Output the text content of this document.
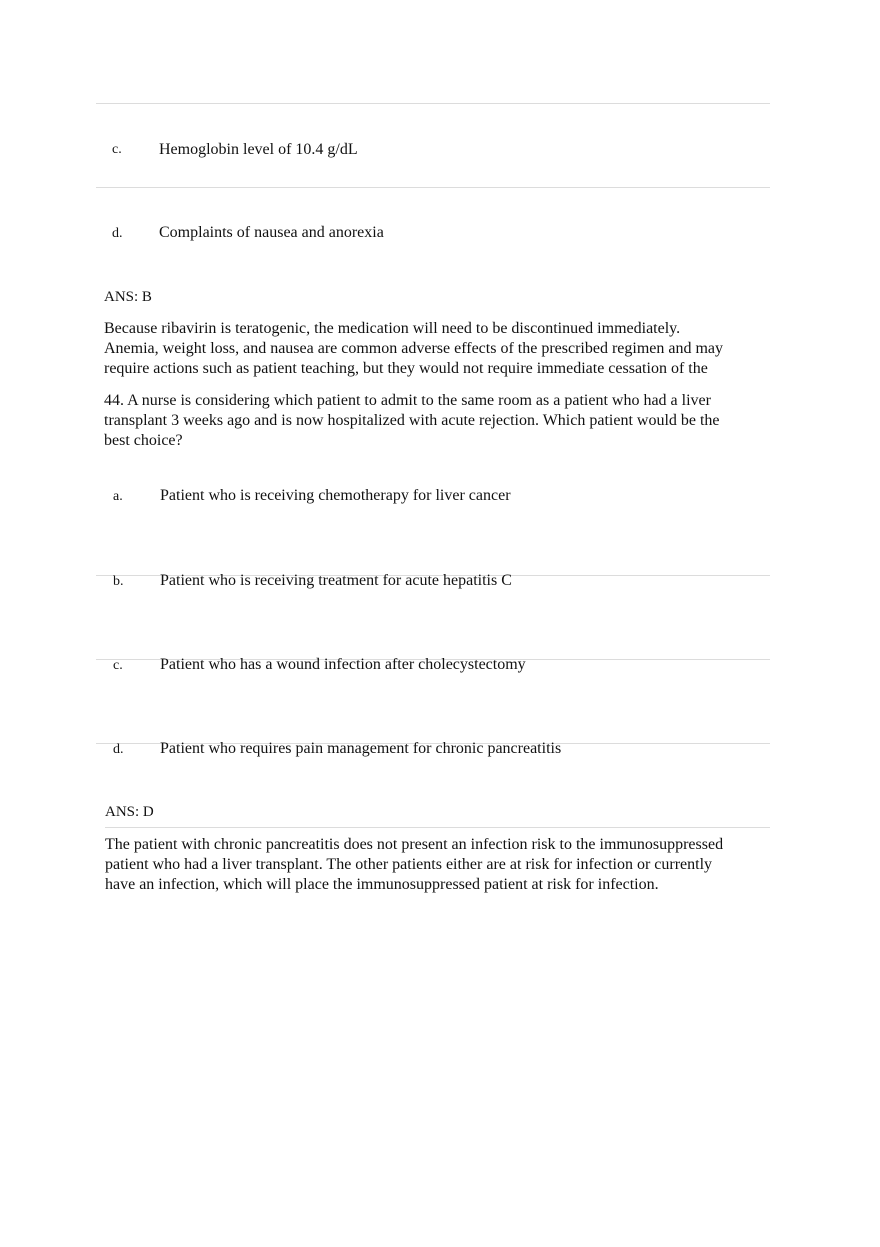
c. Hemoglobin level of 10.4 g/dL
d. Complaints of nausea and anorexia
ANS: B
Because ribavirin is teratogenic, the medication will need to be discontinued immediately.
Anemia, weight loss, and nausea are common adverse effects of the prescribed regimen and may
require actions such as patient teaching, but they would not require immediate cessation of the
44. A nurse is considering which patient to admit to the same room as a patient who had a liver
transplant 3 weeks ago and is now hospitalized with acute rejection. Which patient would be the
best choice?
a. Patient who is receiving chemotherapy for liver cancer
b. Patient who is receiving treatment for acute hepatitis C
c. Patient who has a wound infection after cholecystectomy
d. Patient who requires pain management for chronic pancreatitis
ANS: D
The patient with chronic pancreatitis does not present an infection risk to the immunosuppressed
patient who had a liver transplant. The other patients either are at risk for infection or currently
have an infection, which will place the immunosuppressed patient at risk for infection.
